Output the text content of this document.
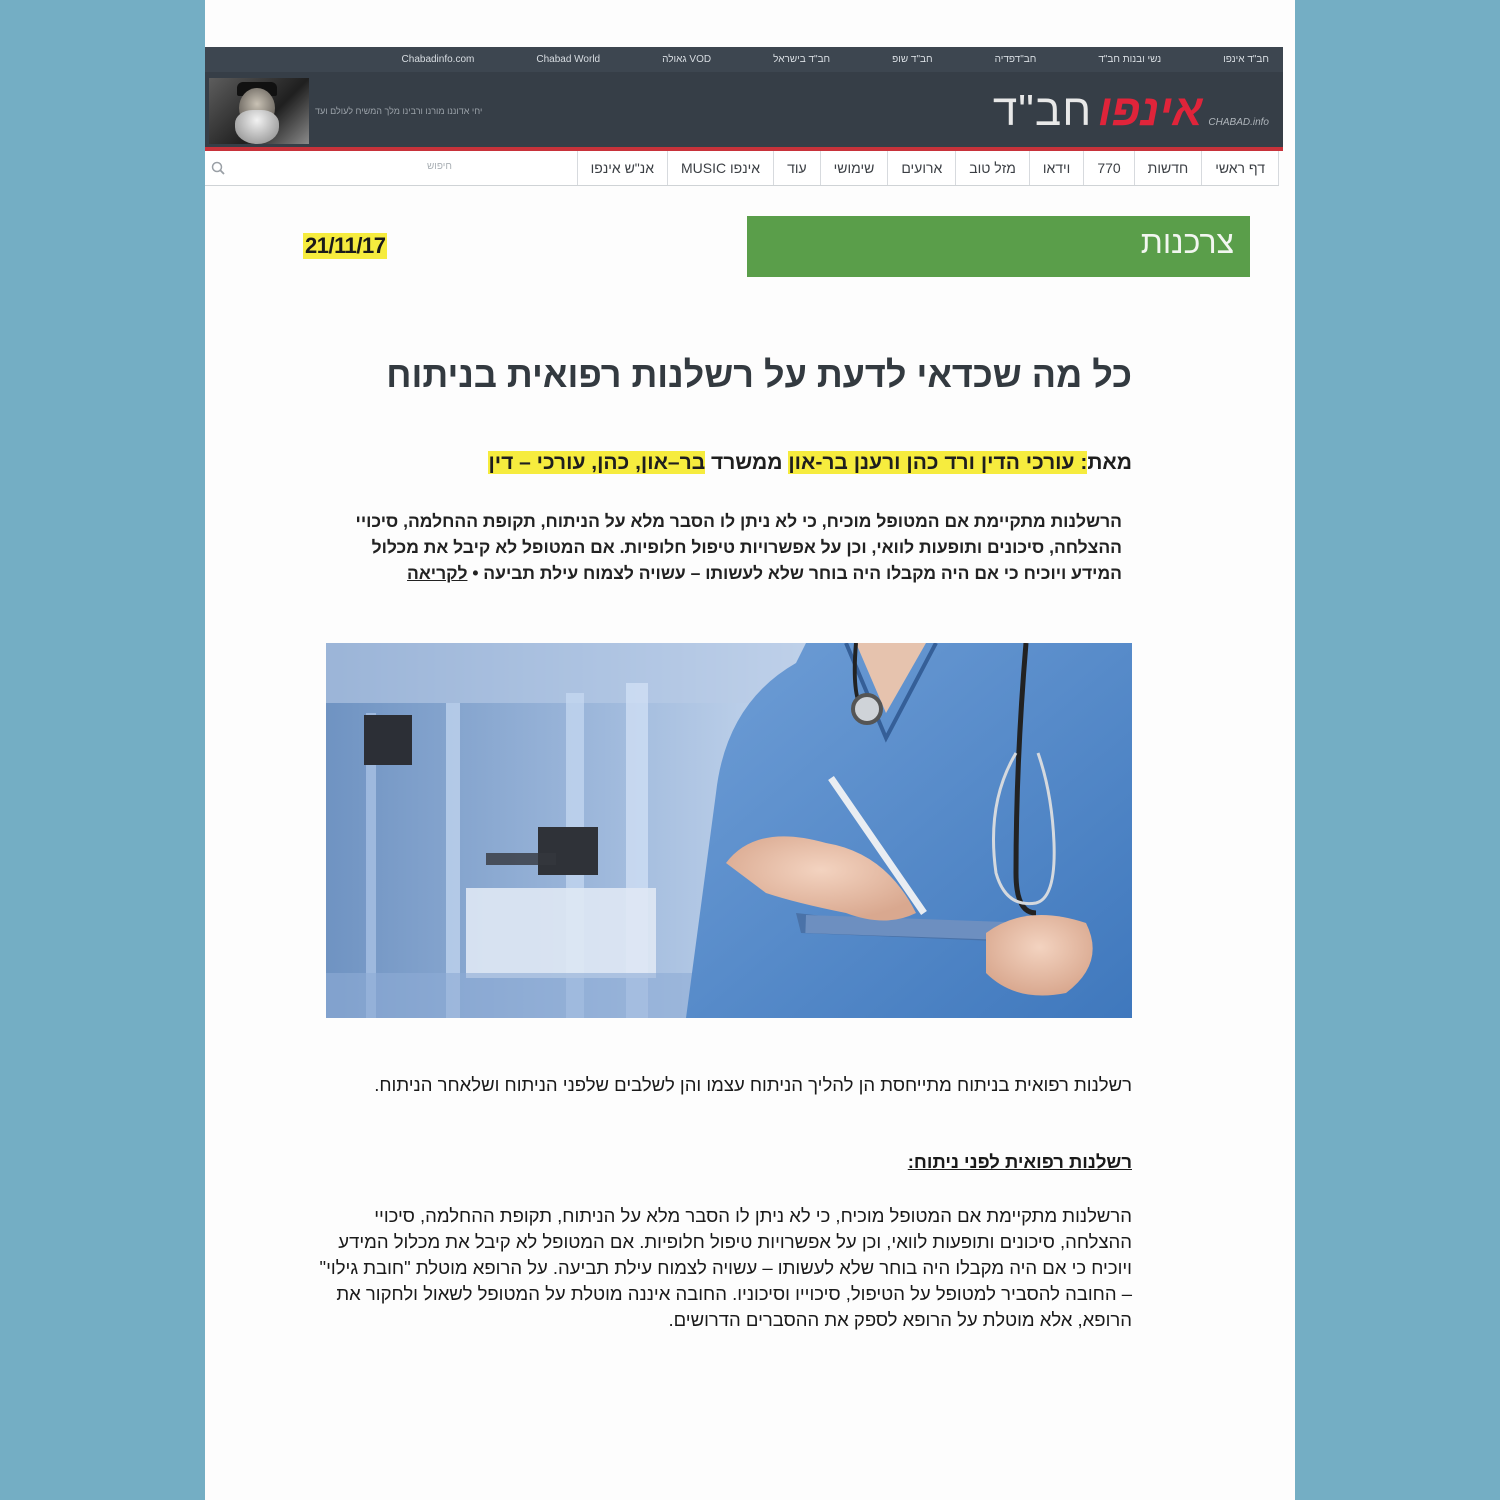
חב"ד אינפו
נשי ובנות חב"ד
חב"דפדיה
חב"ד שופ
חב"ד בישראל
גאולה VOD
Chabad World
Chabadinfo.com
יחי אדוננו מורנו ורבינו מלך המשיח לעולם ועד	חב"ד אינפו CHABAD.info
דף ראשי
חדשות
770
וידאו
מזל טוב
ארועים
שימושי
עוד
אינפו MUSIC
אנ"ש אינפו
חיפוש
צרכנות
21/11/17
כל מה שכדאי לדעת על רשלנות רפואית בניתוח
מאת: עורכי הדין ורד כהן ורענן בר-און ממשרד בר–און, כהן, עורכי – דין
הרשלנות מתקיימת אם המטופל מוכיח, כי לא ניתן לו הסבר מלא על הניתוח, תקופת ההחלמה, סיכויי ההצלחה, סיכונים ותופעות לוואי, וכן על אפשרויות טיפול חלופיות. אם המטופל לא קיבל את מכלול המידע ויוכיח כי אם היה מקבלו היה בוחר שלא לעשותו – עשויה לצמוח עילת תביעה • לקריאה
רשלנות רפואית בניתוח מתייחסת הן להליך הניתוח עצמו והן לשלבים שלפני הניתוח ושלאחר הניתוח.
רשלנות רפואית לפני ניתוח:
הרשלנות מתקיימת אם המטופל מוכיח, כי לא ניתן לו הסבר מלא על הניתוח, תקופת ההחלמה, סיכויי ההצלחה, סיכונים ותופעות לוואי, וכן על אפשרויות טיפול חלופיות. אם המטופל לא קיבל את מכלול המידע ויוכיח כי אם היה מקבלו היה בוחר שלא לעשותו – עשויה לצמוח עילת תביעה. על הרופא מוטלת "חובת גילוי" – החובה להסביר למטופל על הטיפול, סיכוייו וסיכוניו. החובה איננה מוטלת על המטופל לשאול ולחקור את הרופא, אלא מוטלת על הרופא לספק את ההסברים הדרושים.
